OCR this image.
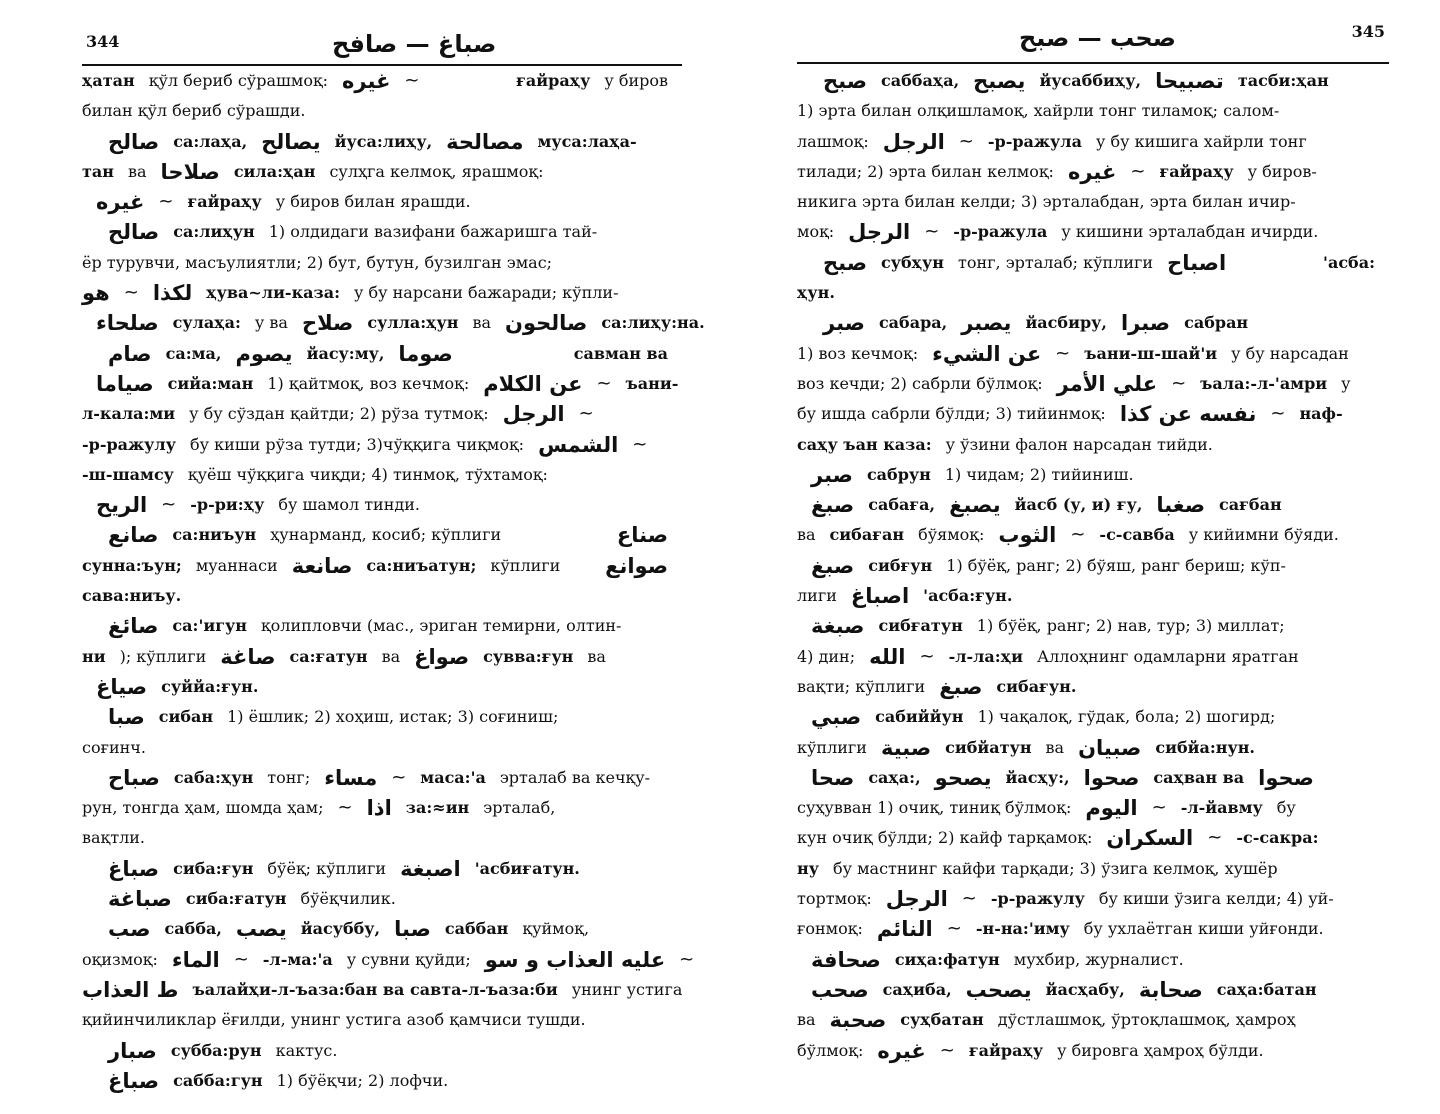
344	صباغ — صافح
ҳатан қўл бериб сўрашмоқ: غيره ~	ғайраҳу у бирoв
билан қўл бериб сўрашди.
صالح са:лаҳа, يصالح йуса:лиҳу, مصالحة муса:лаҳа-
тан ва صلاحا сила:ҳан сулҳга келмоқ, ярашмоқ:
غيره ~ ғайраҳу у биров билан ярашди.
صالح са:лиҳун 1) олдидаги вазифани бажаришга тай-
ёр турувчи, масъулиятли; 2) бут, бутун, бузилган эмас;
هو ~ لكذا ҳува~ли-каза: у бу нарсани бажаради; кўпли-
صلحاء сулаҳа: у ва صلاح сулла:ҳун ва صالحون са:лиҳу:на.
صام са:ма, يصوم йасу:му, صوما	савман ва
صياما сийа:ман 1) қайтмоқ, воз кечмоқ: عن الكلام ~ ъани-
л-кала:ми у бу сўздан қайтди; 2) рўза тутмоқ: الرجل ~
-р-ражулу бу киши рўза тутди; 3)чўққига чиқмоқ: الشمس ~
-ш-шамсу қуёш чўққига чиқди; 4) тинмоқ, тўхтамоқ:
الريح ~ -р-ри:ҳу бу шамол тинди.
صانع са:ниъун ҳунарманд, косиб; кўплиги	صناع
сунна:ъун; муаннаси صانعة са:ниъатун; кўплиги صوانع
сава:ниъу.
صائغ са:'игун қолипловчи (мас., эриган темирни, олтин-
ни ); кўплиги صاغة са:ғатун ва صواغ сувва:ғун ва
صياغ суййа:ғун.
صبا сибан 1) ёшлик; 2) хоҳиш, истак; 3) соғиниш;
соғинч.
صباح саба:ҳун тонг; مساء ~ маса:'а эрталаб ва кечқу-
рун, тонгда ҳам, шомда ҳам; ~ اذا за:≈ин эрталаб,
вақтли.
صباغ сиба:ғун бўёқ; кўплиги اصبغة 'асбиғатун.
صباغة сиба:ғатун бўёқчилик.
صب сабба, يصب йасуббу, صبا саббан қуймоқ,
оқизмоқ: الماء ~ -л-ма:'а у сувни қуйди; عليه العذاب و سو ~
ط العذاب ъалайҳи-л-ъаза:бан ва савта-л-ъаза:би унинг устига
қийинчиликлар ёғилди, унинг устига азоб қамчиси тушди.
صبار субба:рун кактус.
صباغ сабба:гун 1) бўёқчи; 2) лофчи.
صحب — صبح	345
صبح саббаҳа, يصبح йусаббиҳу, تصبيحا тасби:ҳан
1) эрта билан олқишламоқ, хайрли тонг тиламоқ; салом-
лашмоқ: الرجل ~ -р-ражула у бу кишига хайрли тонг
тилади; 2) эрта билан келмоқ: غيره ~ ғайраҳу у биров-
никига эрта билан келди; 3) эрталабдан, эрта билан ичир-
моқ: الرجل ~ -р-ражула у кишини эрталабдан ичирди.
صبح субҳун тонг, эрталаб; кўплиги اصباح	'асба:
ҳун.
صبر сабара, يصبر йасбиру, صبرا сабран
1) воз кечмоқ: عن الشيء ~ ъани-ш-шай'и у бу нарсадан
воз кечди; 2) сабрли бўлмоқ: علي الأمر ~ ъала:-л-'амри у
бу ишда сабрли бўлди; 3) тийинмоқ: نفسه عن كذا ~ наф-
саҳу ъан каза: у ўзини фалон нарсадан тийди.
صبر сабрун 1) чидам; 2) тийиниш.
صبغ сабаға, يصبغ йасб (у, и) ғу, صغبا сағбан
ва сибаған бўямоқ: الثوب ~ -с-савба у кийимни бўяди.
صبغ сибғун 1) бўёқ, ранг; 2) бўяш, ранг бериш; кўп-
лиги اصباغ 'асба:ғун.
صبغة сибғатун 1) бўёқ, ранг; 2) нав, тур; 3) миллат;
4) дин; الله ~ -л-ла:ҳи Аллоҳнинг одамларни яратган
вақти; кўплиги صبغ сибағун.
صبي сабиййун 1) чақалоқ, гўдак, бола; 2) шогирд;
кўплиги صبية сибйатун ва صبيان сибйа:нун.
صحا саҳа:, يصحو йасҳу:, صحوا саҳван ва صحوا
суҳувван 1) очиқ, тиниқ бўлмоқ: اليوم ~ -л-йавму бу
кун очиқ бўлди; 2) кайф тарқамоқ: السكران ~ -с-сакра:
ну бу мастнинг кайфи тарқади; 3) ўзига келмоқ, хушёр
тортмоқ: الرجل ~ -р-ражулу бу киши ўзига келди; 4) уй-
ғонмоқ: النائم ~ -н-на:'иму бу ухлаётган киши уйғонди.
صحافة сиҳа:фатун мухбир, журналист.
صحب саҳиба, يصحب йасҳабу, صحابة саҳа:батан
ва صحبة суҳбатан дўстлашмоқ, ўртоқлашмоқ, ҳамроҳ
бўлмоқ: غيره ~ ғайраҳу у бировга ҳамроҳ бўлди.
